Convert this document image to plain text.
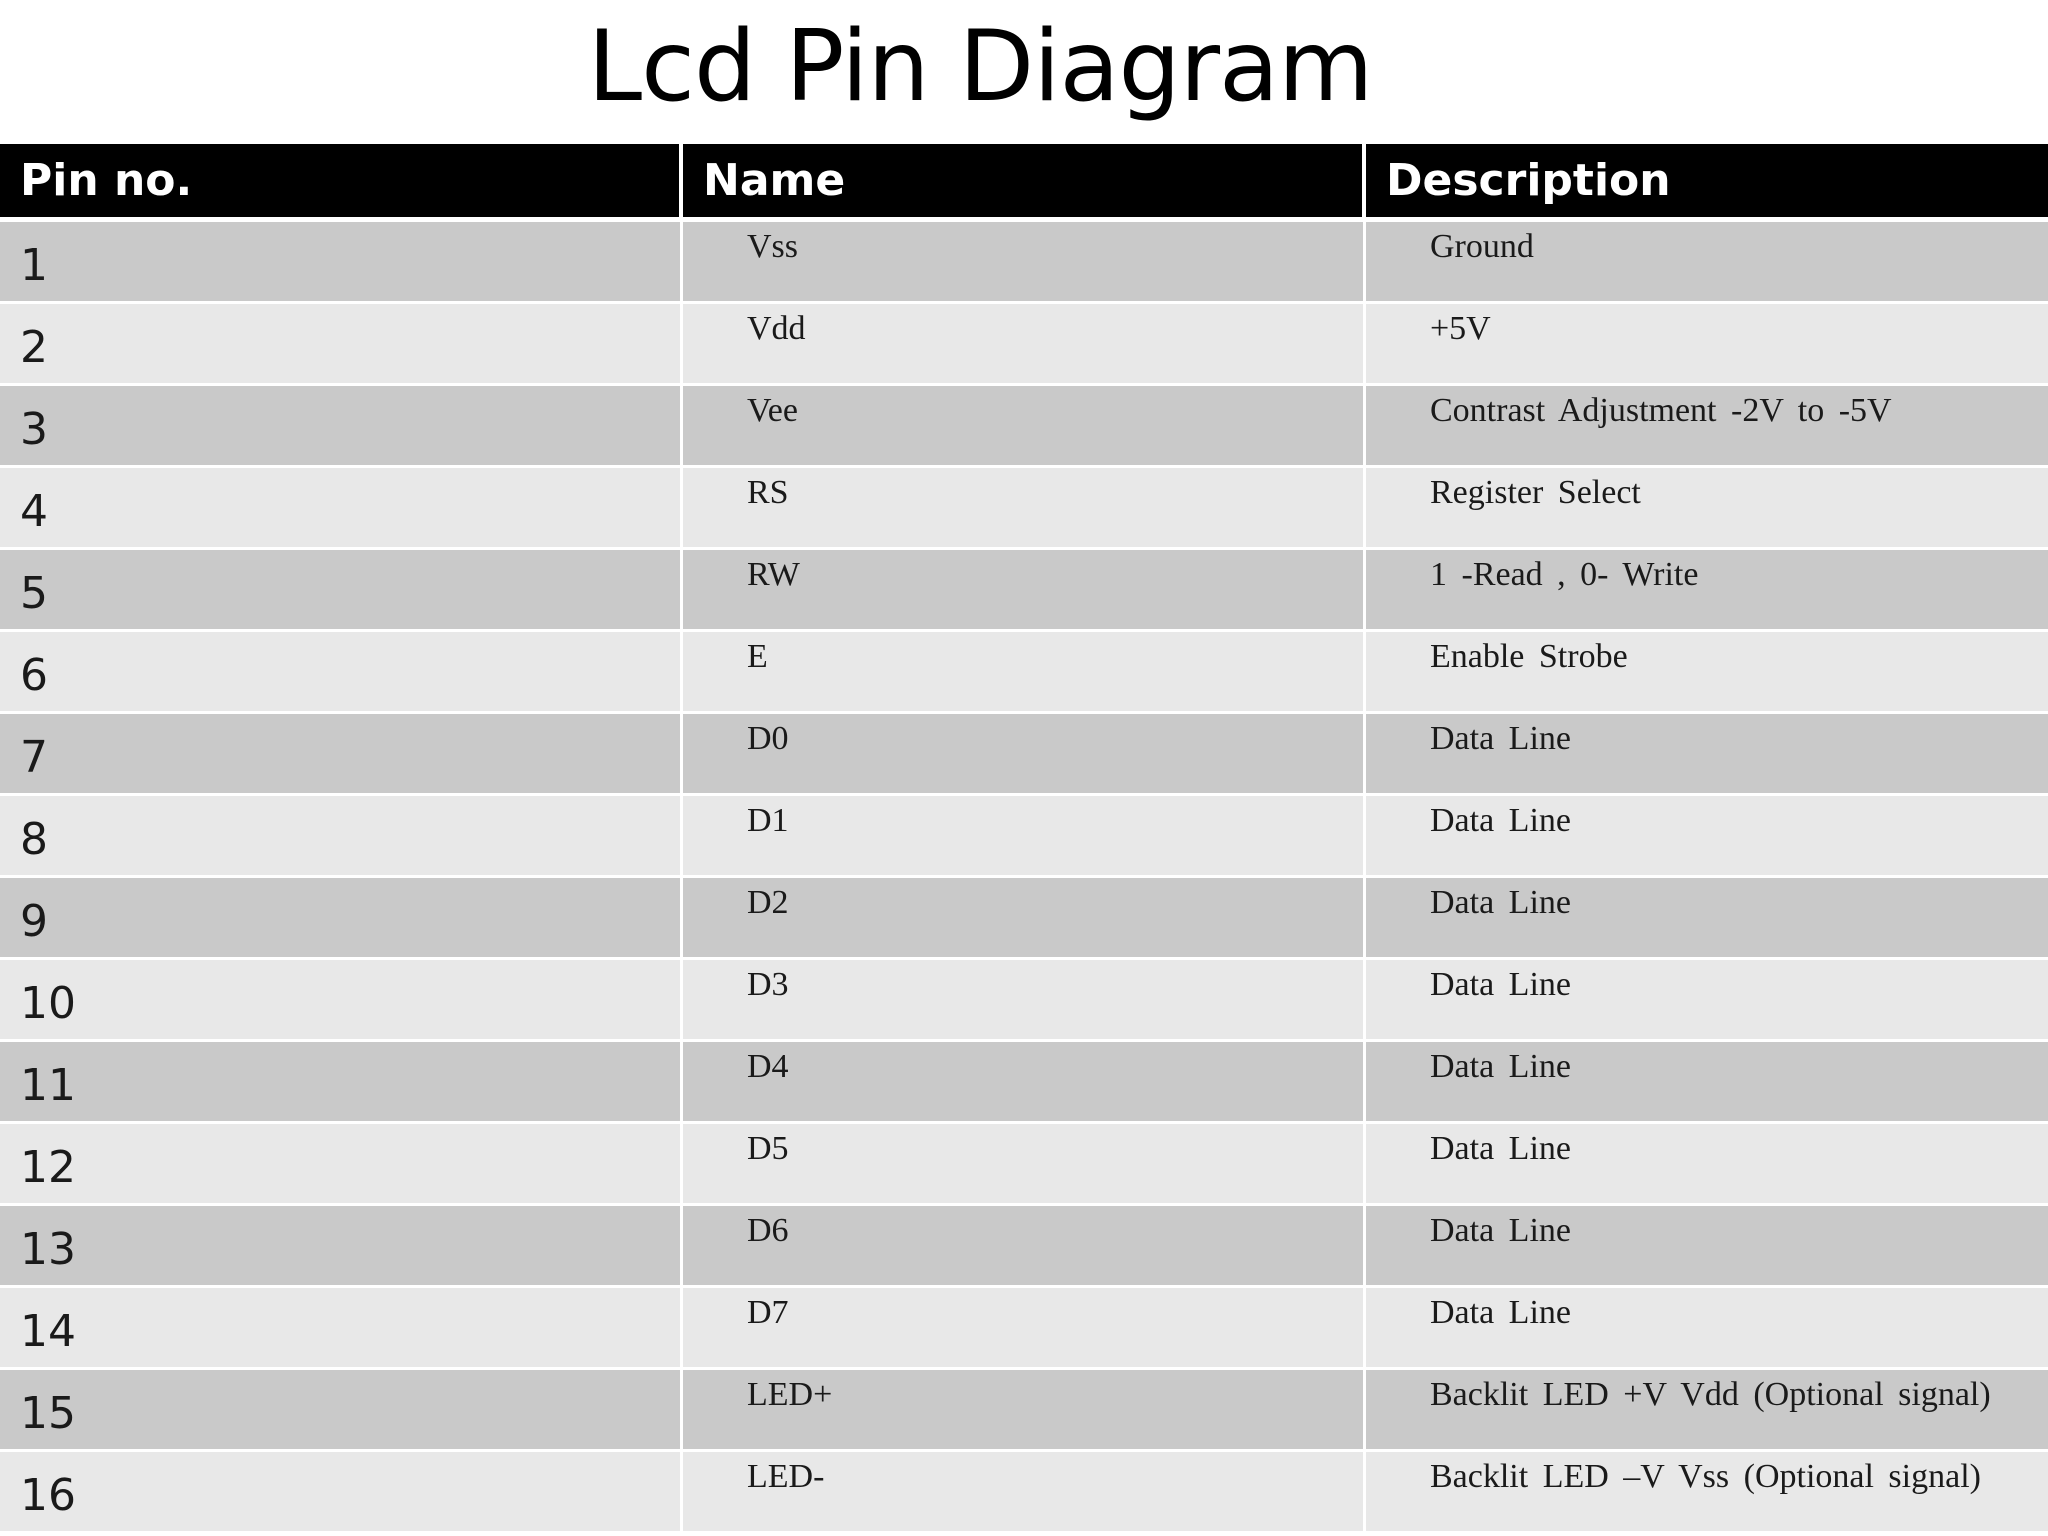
Lcd Pin Diagram
Pin no.	Name	Description
1	Vss	Ground
2	Vdd	+5V
3	Vee	Contrast Adjustment -2V to -5V
4	RS	Register Select
5	RW	1 -Read , 0- Write
6	E	Enable Strobe
7	D0	Data Line
8	D1	Data Line
9	D2	Data Line
10	D3	Data Line
11	D4	Data Line
12	D5	Data Line
13	D6	Data Line
14	D7	Data Line
15	LED+	Backlit LED +V Vdd (Optional signal)
16	LED-	Backlit LED –V Vss (Optional signal)
